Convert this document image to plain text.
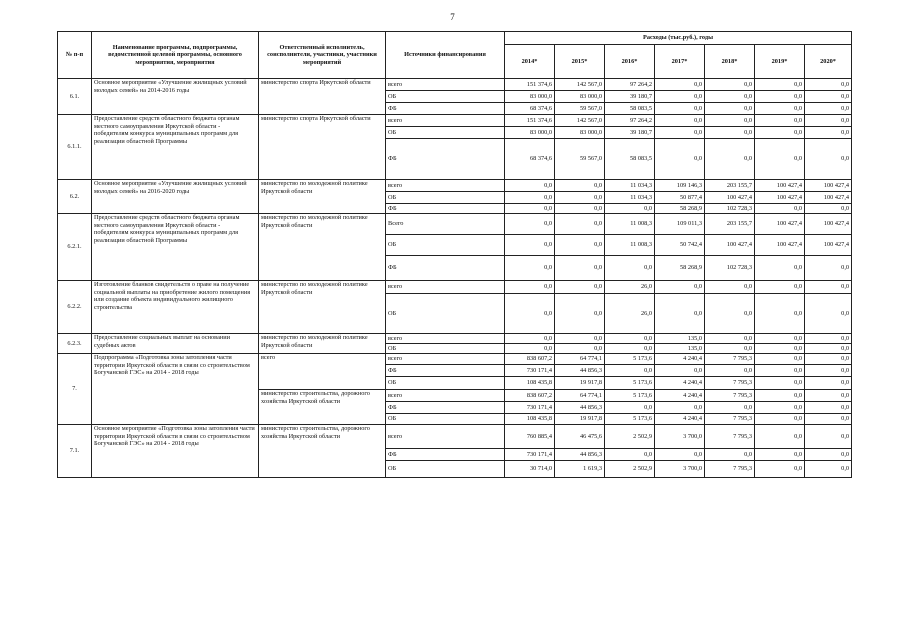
7
№ п-п	Наименование программы, подпрограммы, ведомственной целевой программы, основного мероприятия, мероприятия	Ответственный исполнитель, соисполнители, участники, участники мероприятий	Источники финансирования	Расходы (тыс.руб.), годы						
				2014*	2015*	2016*	2017*	2018*	2019*	2020*
6.1.	Основное мероприятие «Улучшение жилищных условий молодых семей» на 2014-2016 годы	министерство спорта Иркутской области	всего	151 374,6	142 567,0	97 264,2	0,0	0,0	0,0	0,0
			ОБ	83 000,0	83 000,0	39 180,7	0,0	0,0	0,0	0,0
			ФБ	68 374,6	59 567,0	58 083,5	0,0	0,0	0,0	0,0
6.1.1.	Предоставление средств областного бюджета органам местного самоуправления Иркутской области - победителям конкурса муниципальных программ для реализации областной Программы	министерство спорта Иркутской области	всего	151 374,6	142 567,0	97 264,2	0,0	0,0	0,0	0,0
			ОБ	83 000,0	83 000,0	39 180,7	0,0	0,0	0,0	0,0
			ФБ	68 374,6	59 567,0	58 083,5	0,0	0,0	0,0	0,0
6.2.	Основное мероприятие «Улучшение жилищных условий молодых семей» на 2016-2020 годы	министерство по молодежной политике Иркутской области	всего	0,0	0,0	11 034,3	109 146,3	203 155,7	100 427,4	100 427,4
			ОБ	0,0	0,0	11 034,3	50 877,4	100 427,4	100 427,4	100 427,4
			ФБ	0,0	0,0	0,0	58 268,9	102 728,3	0,0	0,0
6.2.1.	Предоставление средств областного бюджета органам местного самоуправления Иркутской области - победителям конкурса муниципальных программ для реализации областной Программы	министерство по молодежной политике Иркутской области	Всего	0,0	0,0	11 008,3	109 011,3	203 155,7	100 427,4	100 427,4
			ОБ	0,0	0,0	11 008,3	50 742,4	100 427,4	100 427,4	100 427,4
			ФБ	0,0	0,0	0,0	58 268,9	102 728,3	0,0	0,0
6.2.2.	Изготовление бланков свидетельств о праве на получение социальной выплаты на приобретение жилого помещения или создание объекта индивидуального жилищного строительства	министерство по молодежной политике Иркутской области	всего	0,0	0,0	26,0	0,0	0,0	0,0	0,0
			ОБ	0,0	0,0	26,0	0,0	0,0	0,0	0,0
6.2.3.	Предоставление социальных выплат на основании судебных актов	министерство по молодежной политике Иркутской области	всего	0,0	0,0	0,0	135,0	0,0	0,0	0,0
			ОБ	0,0	0,0	0,0	135,0	0,0	0,0	0,0
7.	Подпрограмма «Подготовка зоны затопления части территории Иркутской области в связи со строительством Богучанской ГЭС» на 2014 - 2018 годы	всего	всего	838 607,2	64 774,1	5 173,6	4 240,4	7 795,3	0,0	0,0
			ФБ	730 171,4	44 856,3	0,0	0,0	0,0	0,0	0,0
			ОБ	108 435,8	19 917,8	5 173,6	4 240,4	7 795,3	0,0	0,0
		министерство строительства, дорожного хозяйства Иркутской области	всего	838 607,2	64 774,1	5 173,6	4 240,4	7 795,3	0,0	0,0
			ФБ	730 171,4	44 856,3	0,0	0,0	0,0	0,0	0,0
			ОБ	108 435,8	19 917,8	5 173,6	4 240,4	7 795,3	0,0	0,0
7.1.	Основное мероприятие «Подготовка зоны затопления части территории Иркутской области в связи со строительством Богучанской ГЭС» на 2014 - 2018 годы	министерство строительства, дорожного хозяйства Иркутской области	всего	760 885,4	46 475,6	2 502,9	3 700,0	7 795,3	0,0	0,0
			ФБ	730 171,4	44 856,3	0,0	0,0	0,0	0,0	0,0
			ОБ	30 714,0	1 619,3	2 502,9	3 700,0	7 795,3	0,0	0,0
